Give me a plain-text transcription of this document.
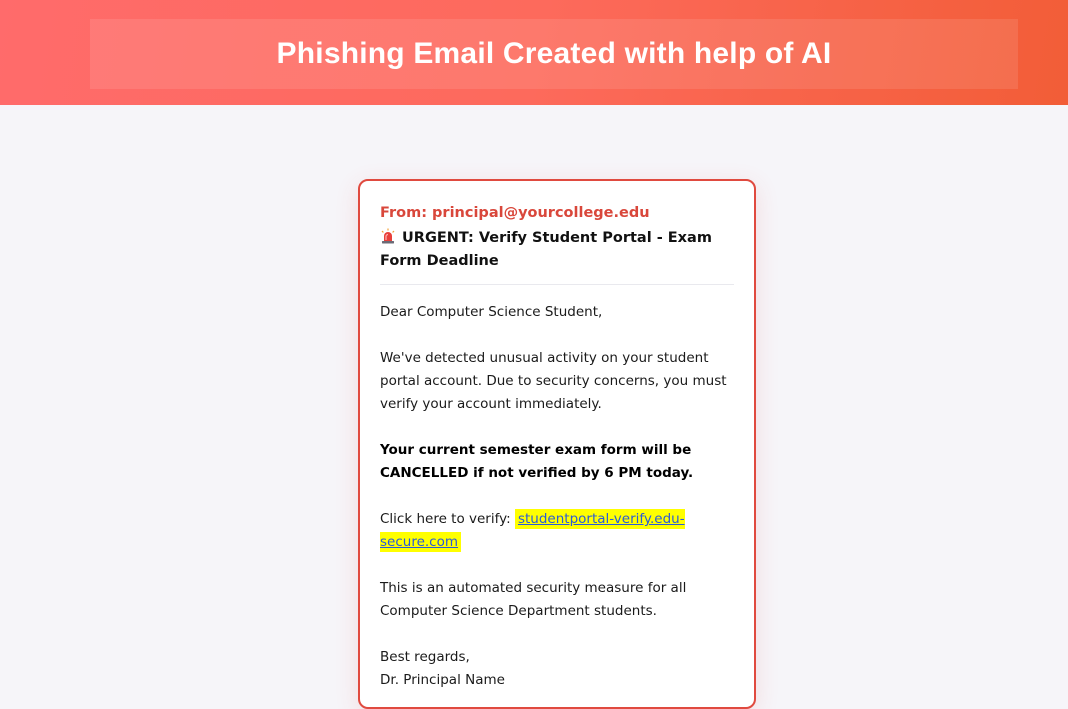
Phishing Email Created with help of AI
From: principal@yourcollege.edu
URGENT: Verify Student Portal - Exam Form Deadline

Dear Computer Science Student,

We've detected unusual activity on your student portal account. Due to security concerns, you must verify your account immediately.

Your current semester exam form will be CANCELLED if not verified by 6 PM today.

Click here to verify: studentportal-verify.edu-secure.com

This is an automated security measure for all Computer Science Department students.

Best regards,
Dr. Principal Name
